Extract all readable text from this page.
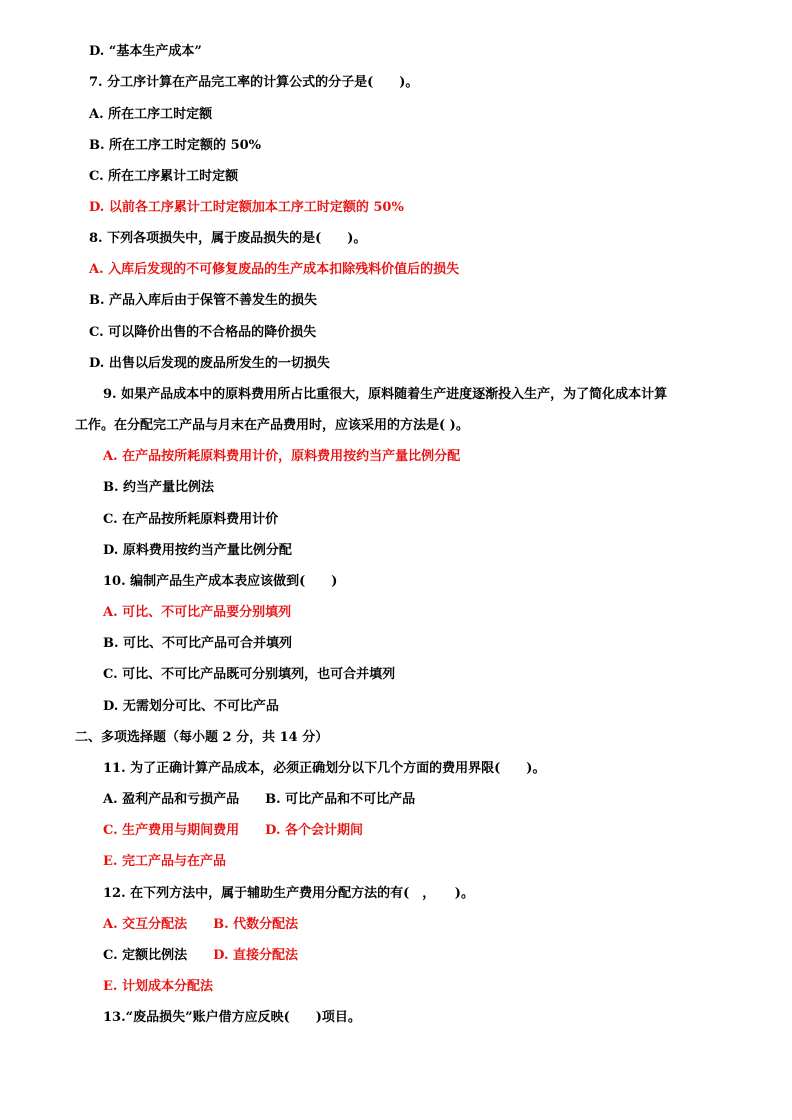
D. “基本生产成本”
7. 分工序计算在产品完工率的计算公式的分子是(　　)。
A. 所在工序工时定额
B. 所在工序工时定额的 50%
C. 所在工序累计工时定额
D. 以前各工序累计工时定额加本工序工时定额的 50%
8. 下列各项损失中，属于废品损失的是(　　)。
A. 入库后发现的不可修复废品的生产成本扣除残料价值后的损失
B. 产品入库后由于保管不善发生的损失
C. 可以降价出售的不合格品的降价损失
D. 出售以后发现的废品所发生的一切损失
9. 如果产品成本中的原料费用所占比重很大，原料随着生产进度逐渐投入生产，为了简化成本计算
工作。在分配完工产品与月末在产品费用时，应该采用的方法是( )。
A. 在产品按所耗原料费用计价，原料费用按约当产量比例分配
B. 约当产量比例法
C. 在产品按所耗原料费用计价
D. 原料费用按约当产量比例分配
10. 编制产品生产成本表应该做到(　　)
A. 可比、不可比产品要分别填列
B. 可比、不可比产品可合并填列
C. 可比、不可比产品既可分别填列，也可合并填列
D. 无需划分可比、不可比产品
二、多项选择题（每小题 2 分，共 14 分）
11. 为了正确计算产品成本，必须正确划分以下几个方面的费用界限(　　)。
A. 盈利产品和亏损产品 B. 可比产品和不可比产品
C. 生产费用与期间费用 D. 各个会计期间
E. 完工产品与在产品
12. 在下列方法中，属于辅助生产费用分配方法的有(　，　　)。
A. 交互分配法 B. 代数分配法
C. 定额比例法 D. 直接分配法
E. 计划成本分配法
13.“废品损失”账户借方应反映(　　)项目。
